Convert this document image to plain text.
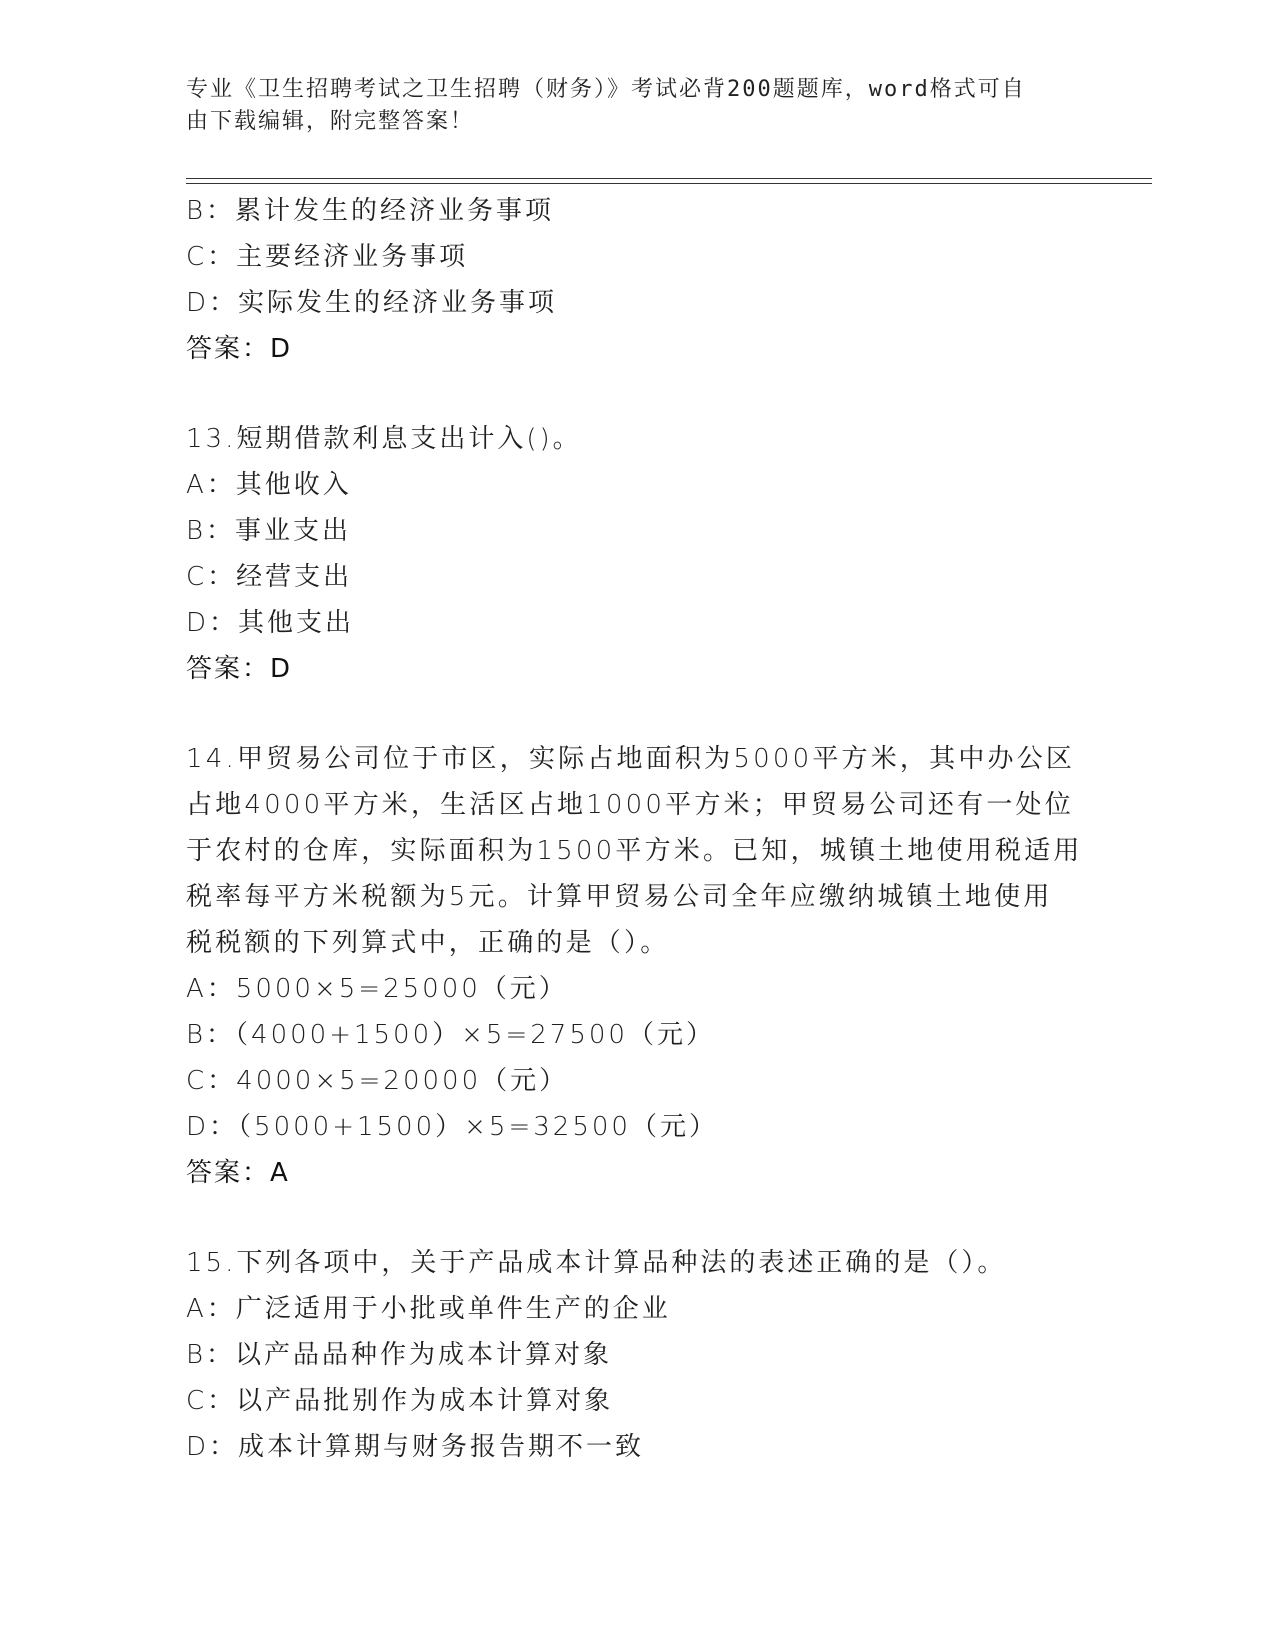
专业《卫生招聘考试之卫生招聘（财务）》考试必背200题题库，word格式可自
由下载编辑，附完整答案！
B：累计发生的经济业务事项
C：主要经济业务事项
D：实际发生的经济业务事项
答案：D
13.短期借款利息支出计入()。
A：其他收入
B：事业支出
C：经营支出
D：其他支出
答案：D
14.甲贸易公司位于市区，实际占地面积为5000平方米，其中办公区
占地4000平方米，生活区占地1000平方米；甲贸易公司还有一处位
于农村的仓库，实际面积为1500平方米。已知，城镇土地使用税适用
税率每平方米税额为5元。计算甲贸易公司全年应缴纳城镇土地使用
税税额的下列算式中，正确的是（）。
A：5000×5=25000（元）
B：（4000+1500）×5=27500（元）
C：4000×5=20000（元）
D：（5000+1500）×5=32500（元）
答案：A
15.下列各项中，关于产品成本计算品种法的表述正确的是（）。
A：广泛适用于小批或单件生产的企业
B：以产品品种作为成本计算对象
C：以产品批别作为成本计算对象
D：成本计算期与财务报告期不一致
